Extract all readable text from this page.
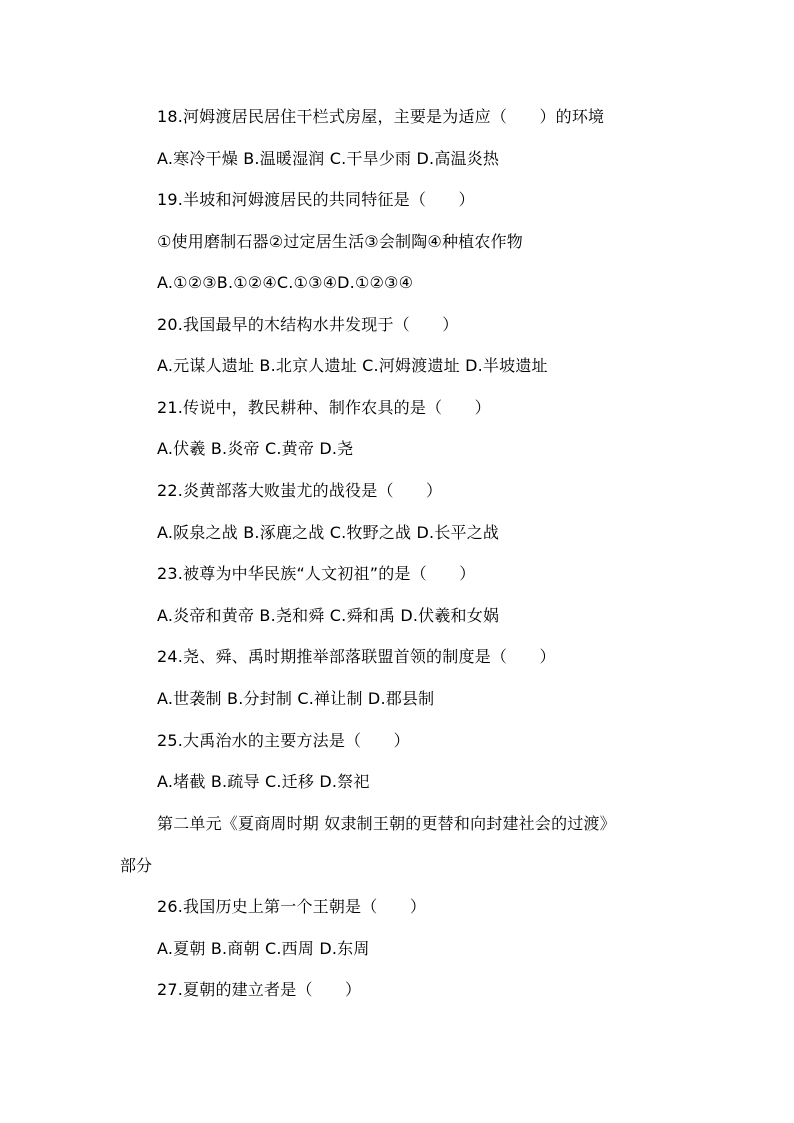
18.河姆渡居民居住干栏式房屋，主要是为适应（　　）的环境
A.寒冷干燥 B.温暖湿润 C.干旱少雨 D.高温炎热
19.半坡和河姆渡居民的共同特征是（　　）
①使用磨制石器②过定居生活③会制陶④种植农作物
A.①②③B.①②④C.①③④D.①②③④
20.我国最早的木结构水井发现于（　　）
A.元谋人遗址 B.北京人遗址 C.河姆渡遗址 D.半坡遗址
21.传说中，教民耕种、制作农具的是（　　）
A.伏羲 B.炎帝 C.黄帝 D.尧
22.炎黄部落大败蚩尤的战役是（　　）
A.阪泉之战 B.涿鹿之战 C.牧野之战 D.长平之战
23.被尊为中华民族“人文初祖”的是（　　）
A.炎帝和黄帝 B.尧和舜 C.舜和禹 D.伏羲和女娲
24.尧、舜、禹时期推举部落联盟首领的制度是（　　）
A.世袭制 B.分封制 C.禅让制 D.郡县制
25.大禹治水的主要方法是（　　）
A.堵截 B.疏导 C.迁移 D.祭祀
第二单元《夏商周时期 奴隶制王朝的更替和向封建社会的过渡》
部分
26.我国历史上第一个王朝是（　　）
A.夏朝 B.商朝 C.西周 D.东周
27.夏朝的建立者是（　　）
